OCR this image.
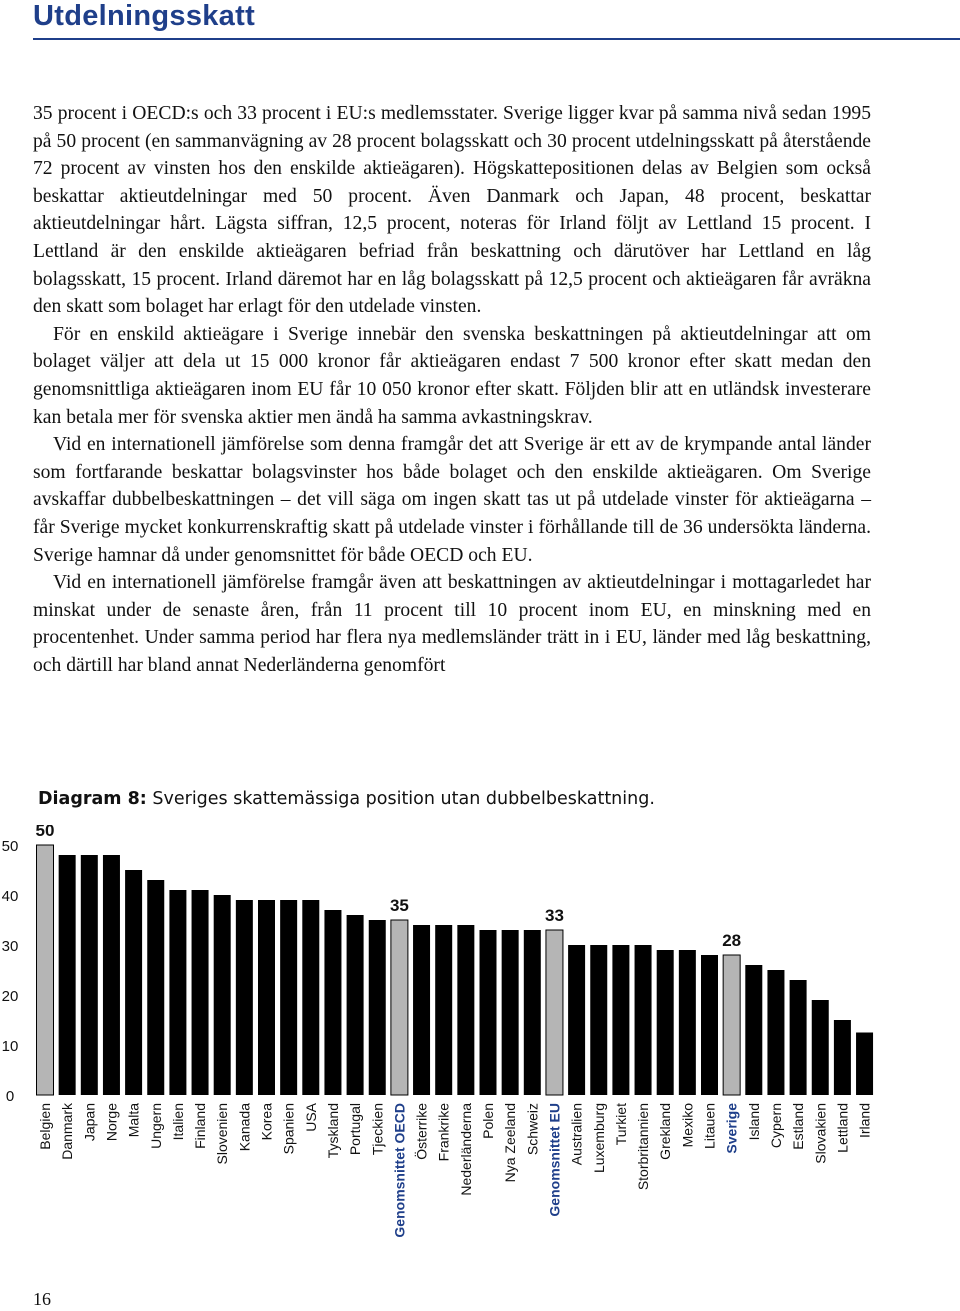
Utdelningsskatt

35 procent i OECD:s och 33 procent i EU:s medlemsstater. Sverige ligger kvar på samma nivå sedan 1995 på 50 procent (en sammanvägning av 28 procent bolagsskatt och 30 procent utdelningsskatt på återstående 72 procent av vinsten hos den enskilde aktieägaren). Högskattepositionen delas av Belgien som också beskattar aktieutdelningar med 50 procent. Även Danmark och Japan, 48 procent, beskattar aktieutdelningar hårt. Lägsta siffran, 12,5 procent, noteras för Irland följt av Lettland 15 procent. I Lettland är den enskilde aktieägaren befriad från beskattning och därutöver har Lettland en låg bolagsskatt, 15 procent. Irland däremot har en låg bolagsskatt på 12,5 procent och aktieägaren får avräkna den skatt som bolaget har erlagt för den utdelade vinsten.

För en enskild aktieägare i Sverige innebär den svenska beskattningen på aktieutdelningar att om bolaget väljer att dela ut 15 000 kronor får aktieägaren endast 7 500 kronor efter skatt medan den genomsnittliga aktieägaren inom EU får 10 050 kronor efter skatt. Följden blir att en utländsk investerare kan betala mer för svenska aktier men ändå ha samma avkastningskrav.

Vid en internationell jämförelse som denna framgår det att Sverige är ett av de krympande antal länder som fortfarande beskattar bolagsvinster hos både bolaget och den enskilde aktieägaren. Om Sverige avskaffar dubbelbeskattningen – det vill säga om ingen skatt tas ut på utdelade vinster för aktieägarna – får Sverige mycket konkurrenskraftig skatt på utdelade vinster i förhållande till de 36 undersökta länderna. Sverige hamnar då under genomsnittet för både OECD och EU.

Vid en internationell jämförelse framgår även att beskattningen av aktieutdelningar i mottagarledet har minskat under de senaste åren, från 11 procent till 10 procent inom EU, en minskning med en procentenhet. Under samma period har flera nya medlemsländer trätt in i EU, länder med låg beskattning, och därtill har bland annat Nederländerna genomfört

Diagram 8: Sveriges skattemässiga position utan dubbelbeskattning.
0
10
20
30
40
50
50
Belgien Danmark Japan Norge Malta Ungern Italien Finland Slovenien Kanada Korea Spanien USA Tyskland Portugal Tjeckien
35
Genomsnittet OECD Österrike Frankrike Nederländerna Polen Nya Zeeland Schweiz
33
Genomsnittet EU Australien Luxemburg Turkiet Storbritannien Grekland Mexiko Litauen
28
Sverige Island Cypern Estland Slovakien Lettland Irland
16
